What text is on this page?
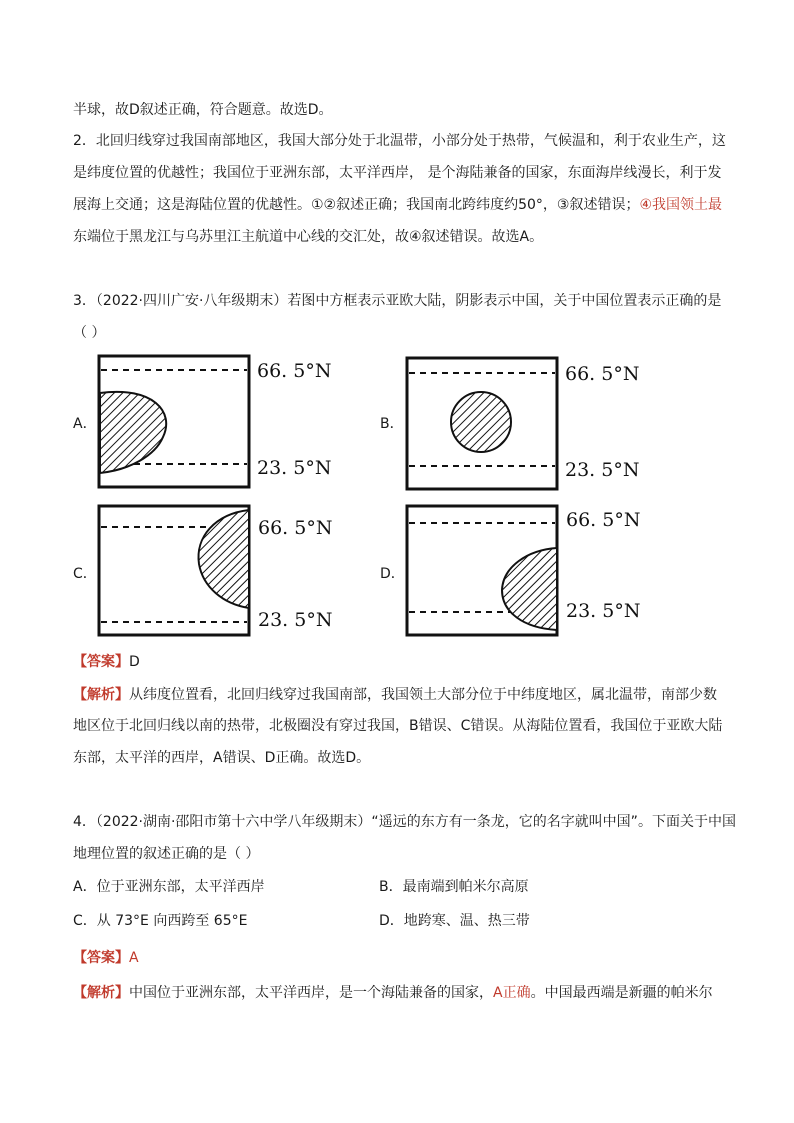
半球，故D叙述正确，符合题意。故选D。
2．北回归线穿过我国南部地区，我国大部分处于北温带，小部分处于热带，气候温和，利于农业生产，这
是纬度位置的优越性；我国位于亚洲东部，太平洋西岸， 是个海陆兼备的国家，东面海岸线漫长，利于发
展海上交通；这是海陆位置的优越性。①②叙述正确；我国南北跨纬度约50°，③叙述错误；④我国领土最
东端位于黑龙江与乌苏里江主航道中心线的交汇处，故④叙述错误。故选A。
3．（2022·四川广安·八年级期末）若图中方框表示亚欧大陆，阴影表示中国，关于中国位置表示正确的是
（ ）
A．	B．
C．	D．
66. 5°N
23. 5°N
66. 5°N
23. 5°N
66. 5°N
23. 5°N
66. 5°N
23. 5°N
【答案】D
【解析】从纬度位置看，北回归线穿过我国南部，我国领土大部分位于中纬度地区，属北温带，南部少数
地区位于北回归线以南的热带，北极圈没有穿过我国，B错误、C错误。从海陆位置看，我国位于亚欧大陆
东部，太平洋的西岸，A错误、D正确。故选D。
4．（2022·湖南·邵阳市第十六中学八年级期末）“遥远的东方有一条龙，它的名字就叫中国”。下面关于中国
地理位置的叙述正确的是（ ）
A．位于亚洲东部，太平洋西岸	B．最南端到帕米尔高原
C．从 73°E 向西跨至 65°E	D．地跨寒、温、热三带
【答案】A
【解析】中国位于亚洲东部，太平洋西岸，是一个海陆兼备的国家，A正确。中国最西端是新疆的帕米尔
